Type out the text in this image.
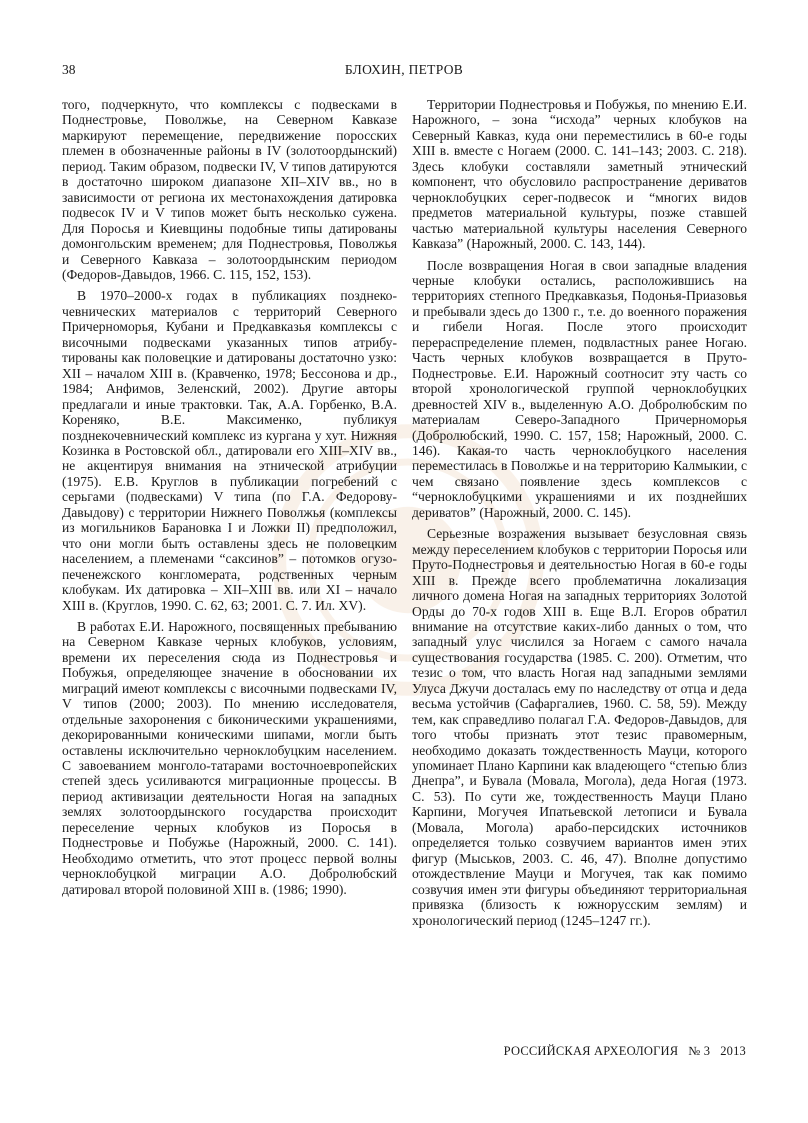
38	БЛОХИН, ПЕТРОВ

того, подчеркнуто, что комплексы с подвесками в Поднестровье, Поволжье, на Северном Кавказе маркируют перемещение, передвижение поросских племен в обозначенные районы в IV (золотоордынский) период. Таким образом, подвески IV, V типов датируются в достаточно широком диапазоне XII–XIV вв., но в зависимости от региона их местонахождения датировка подвесок IV и V типов может быть несколько сужена. Для Поросья и Киевщины подобные типы датированы домонгольским временем; для Поднестровья, Поволжья и Северного Кавказа – золотоордынским периодом (Федоров-Давыдов, 1966. С. 115, 152, 153).

В 1970–2000-х годах в публикациях позднекочевнических материалов с территорий Северного Причерноморья, Кубани и Предкавказья комплексы с височными подвесками указанных типов атрибутированы как половецкие и датированы достаточно узко: XII – началом XIII в. (Кравченко, 1978; Бессонова и др., 1984; Анфимов, Зеленский, 2002). Другие авторы предлагали и иные трактовки. Так, А.А. Горбенко, В.А. Кореняко, В.Е. Максименко, публикуя позднекочевнический комплекс из кургана у хут. Нижняя Козинка в Ростовской обл., датировали его XIII–XIV вв., не акцентируя внимания на этнической атрибуции (1975). Е.В. Круглов в публикации погребений с серьгами (подвесками) V типа (по Г.А. Федорову-Давыдову) с территории Нижнего Поволжья (комплексы из могильников Барановка I и Ложки II) предположил, что они могли быть оставлены здесь не половецким населением, а племенами “саксинов” – потомков огузо-печенежского конгломерата, родственных черным клобукам. Их датировка – XII–XIII вв. или XI – начало XIII в. (Круглов, 1990. С. 62, 63; 2001. С. 7. Ил. XV).

В работах Е.И. Нарожного, посвященных пребыванию на Северном Кавказе черных клобуков, условиям, времени их переселения сюда из Поднестровья и Побужья, определяющее значение в обосновании их миграций имеют комплексы с височными подвесками IV, V типов (2000; 2003). По мнению исследователя, отдельные захоронения с биконическими украшениями, декорированными коническими шипами, могли быть оставлены исключительно черноклобуцким населением. С завоеванием монголо-татарами восточноевропейских степей здесь усиливаются миграционные процессы. В период активизации деятельности Ногая на западных землях золотоордынского государства происходит переселение черных клобуков из Поросья в Поднестровье и Побужье (Нарожный, 2000. С. 141). Необходимо отметить, что этот процесс первой волны черноклобуцкой миграции А.О. Добролюбский датировал второй половиной XIII в. (1986; 1990).

Территории Поднестровья и Побужья, по мнению Е.И. Нарожного, – зона “исхода” черных клобуков на Северный Кавказ, куда они переместились в 60-е годы XIII в. вместе с Ногаем (2000. С. 141–143; 2003. С. 218). Здесь клобуки составляли заметный этнический компонент, что обусловило распространение дериватов черноклобуцких серег-подвесок и “многих видов предметов материальной культуры, позже ставшей частью материальной культуры населения Северного Кавказа” (Нарожный, 2000. С. 143, 144).

После возвращения Ногая в свои западные владения черные клобуки остались, расположившись на территориях степного Предкавказья, Подонья-Приазовья и пребывали здесь до 1300 г., т.е. до военного поражения и гибели Ногая. После этого происходит перераспределение племен, подвластных ранее Ногаю. Часть черных клобуков возвращается в Пруто-Поднестровье. Е.И. Нарожный соотносит эту часть со второй хронологической группой черноклобуцких древностей XIV в., выделенную А.О. Добролюбским по материалам Северо-Западного Причерноморья (Добролюбский, 1990. С. 157, 158; Нарожный, 2000. С. 146). Какая-то часть черноклобуцкого населения переместилась в Поволжье и на территорию Калмыкии, с чем связано появление здесь комплексов с “черноклобуцкими украшениями и их позднейших дериватов” (Нарожный, 2000. С. 145).

Серьезные возражения вызывает безусловная связь между переселением клобуков с территории Поросья или Пруто-Поднестровья и деятельностью Ногая в 60-е годы XIII в. Прежде всего проблематична локализация личного домена Ногая на западных территориях Золотой Орды до 70-х годов XIII в. Еще В.Л. Егоров обратил внимание на отсутствие каких-либо данных о том, что западный улус числился за Ногаем с самого начала существования государства (1985. С. 200). Отметим, что тезис о том, что власть Ногая над западными землями Улуса Джучи досталась ему по наследству от отца и деда весьма устойчив (Сафаргалиев, 1960. С. 58, 59). Между тем, как справедливо полагал Г.А. Федоров-Давыдов, для того чтобы признать этот тезис правомерным, необходимо доказать тождественность Мауци, которого упоминает Плано Карпини как владеющего “степью близ Днепра”, и Бувала (Мовала, Могола), деда Ногая (1973. С. 53). По сути же, тождественность Мауци Плано Карпини, Могучея Ипатьевской летописи и Бувала (Мовала, Могола) арабо-персидских источников определяется только созвучием вариантов имен этих фигур (Мыськов, 2003. С. 46, 47). Вполне допустимо отождествление Мауци и Могучея, так как помимо созвучия имен эти фигуры объединяют территориальная привязка (близость к южнорусским землям) и хронологический период (1245–1247 гг.).

РОССИЙСКАЯ АРХЕОЛОГИЯ № 3 2013
